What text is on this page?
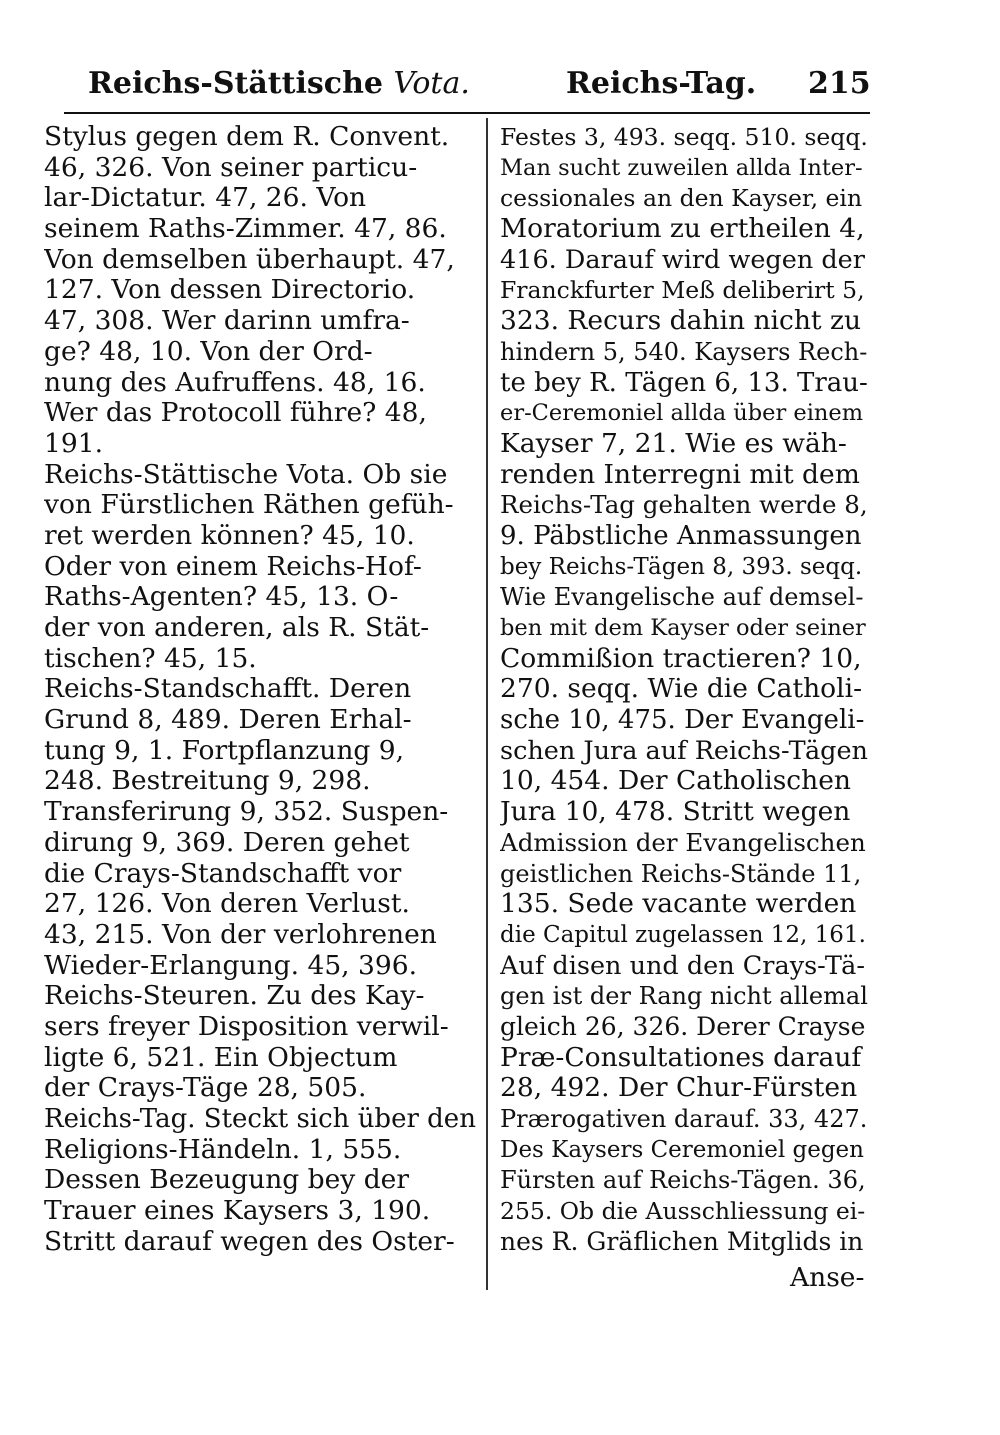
Reichs-Stättische Vota.	Reichs-Tag. 215
Stylus gegen dem R. Convent.
46, 326. Von seiner particu-
lar-Dictatur. 47, 26. Von
seinem Raths-Zimmer. 47, 86.
Von demselben überhaupt. 47,
127. Von dessen Directorio.
47, 308. Wer darinn umfra-
ge? 48, 10. Von der Ord-
nung des Aufruffens. 48, 16.
Wer das Protocoll führe? 48,
191.
Reichs-Stättische Vota. Ob sie
von Fürstlichen Räthen gefüh-
ret werden können? 45, 10.
Oder von einem Reichs-Hof-
Raths-Agenten? 45, 13. O-
der von anderen, als R. Stät-
tischen? 45, 15.
Reichs-Standschafft. Deren
Grund 8, 489. Deren Erhal-
tung 9, 1. Fortpflanzung 9,
248. Bestreitung 9, 298.
Transferirung 9, 352. Suspen-
dirung 9, 369. Deren gehet
die Crays-Standschafft vor
27, 126. Von deren Verlust.
43, 215. Von der verlohrenen
Wieder-Erlangung. 45, 396.
Reichs-Steuren. Zu des Kay-
sers freyer Disposition verwil-
ligte 6, 521. Ein Objectum
der Crays-Täge 28, 505.
Reichs-Tag. Steckt sich über den
Religions-Händeln. 1, 555.
Dessen Bezeugung bey der
Trauer eines Kaysers 3, 190.
Stritt darauf wegen des Oster-
Festes 3, 493. seqq. 510. seqq.
Man sucht zuweilen allda Inter-
cessionales an den Kayser, ein
Moratorium zu ertheilen 4,
416. Darauf wird wegen der
Franckfurter Meß deliberirt 5,
323. Recurs dahin nicht zu
hindern 5, 540. Kaysers Rech-
te bey R. Tägen 6, 13. Trau-
er-Ceremoniel allda über einem
Kayser 7, 21. Wie es wäh-
renden Interregni mit dem
Reichs-Tag gehalten werde 8,
9. Päbstliche Anmassungen
bey Reichs-Tägen 8, 393. seqq.
Wie Evangelische auf demsel-
ben mit dem Kayser oder seiner
Commißion tractieren? 10,
270. seqq. Wie die Catholi-
sche 10, 475. Der Evangeli-
schen Jura auf Reichs-Tägen
10, 454. Der Catholischen
Jura 10, 478. Stritt wegen
Admission der Evangelischen
geistlichen Reichs-Stände 11,
135. Sede vacante werden
die Capitul zugelassen 12, 161.
Auf disen und den Crays-Tä-
gen ist der Rang nicht allemal
gleich 26, 326. Derer Crayse
Præ-Consultationes darauf
28, 492. Der Chur-Fürsten
Prærogativen darauf. 33, 427.
Des Kaysers Ceremoniel gegen
Fürsten auf Reichs-Tägen. 36,
255. Ob die Ausschliessung ei-
nes R. Gräflichen Mitglids in
Anse-
